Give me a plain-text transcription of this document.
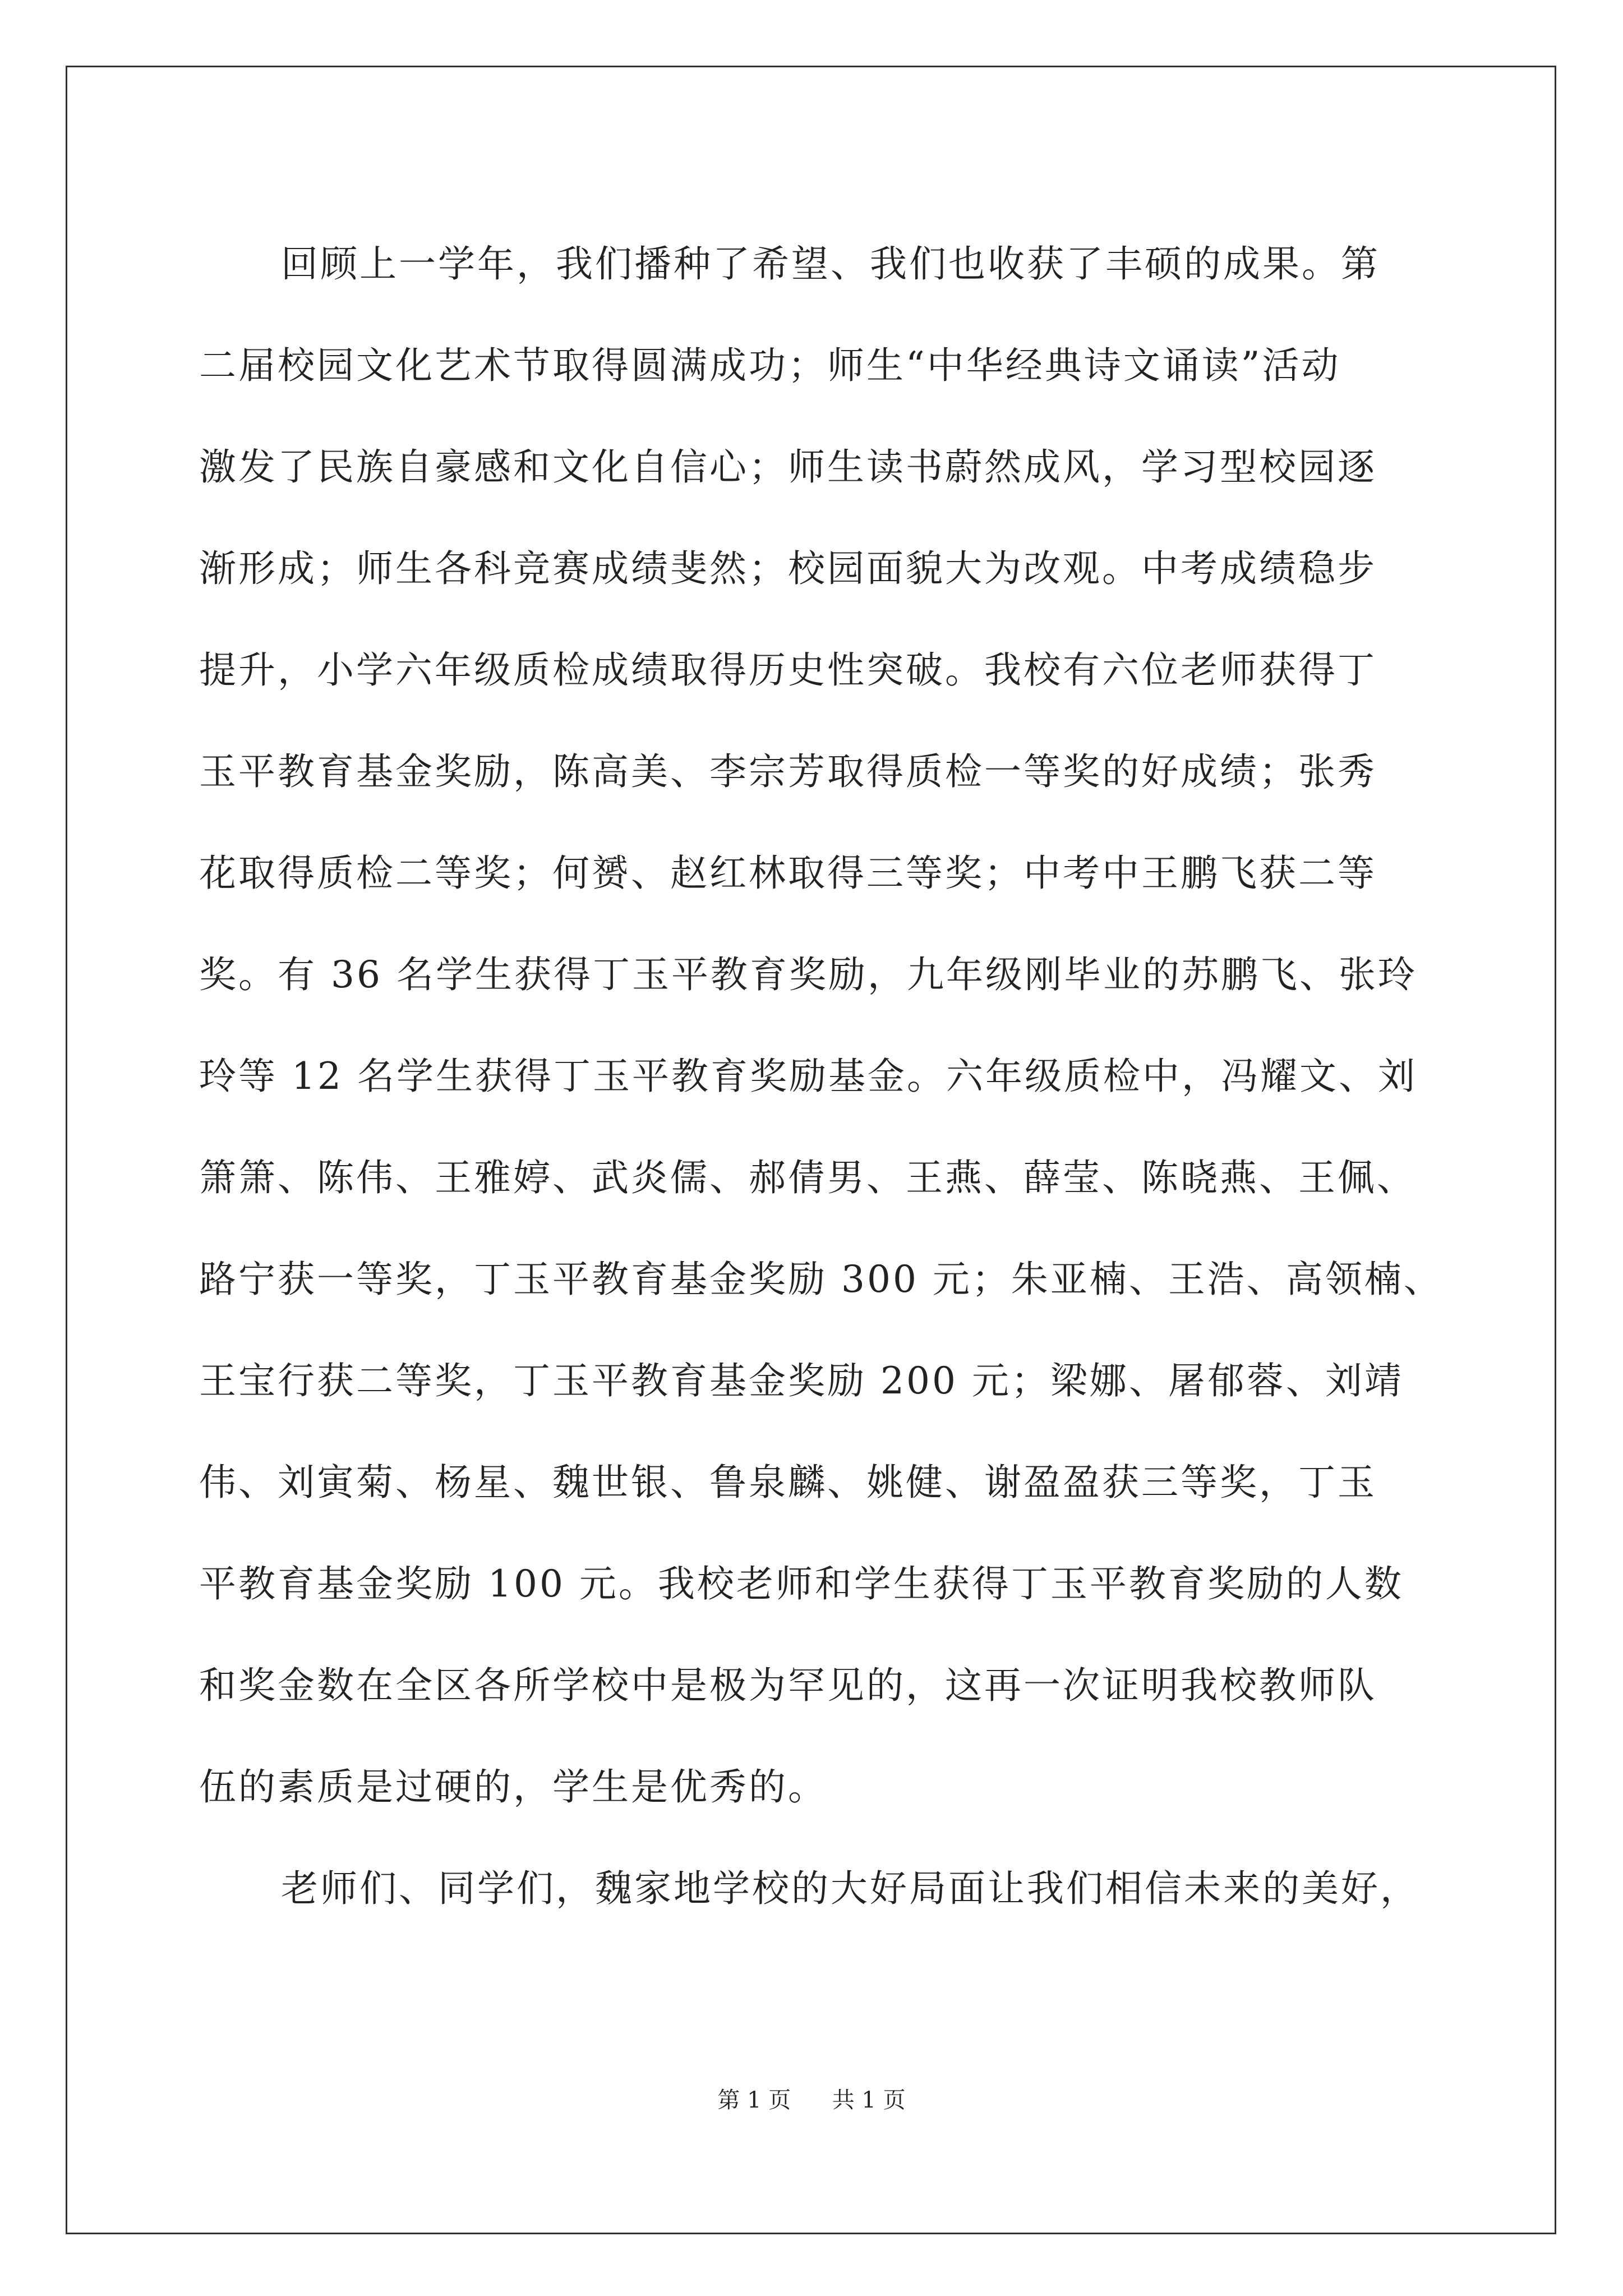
回顾上一学年，我们播种了希望、我们也收获了丰硕的成果。第
二届校园文化艺术节取得圆满成功；师生“中华经典诗文诵读”活动
激发了民族自豪感和文化自信心；师生读书蔚然成风，学习型校园逐
渐形成；师生各科竞赛成绩斐然；校园面貌大为改观。中考成绩稳步
提升，小学六年级质检成绩取得历史性突破。我校有六位老师获得丁
玉平教育基金奖励，陈高美、李宗芳取得质检一等奖的好成绩；张秀
花取得质检二等奖；何赟、赵红林取得三等奖；中考中王鹏飞获二等
奖。有 36 名学生获得丁玉平教育奖励，九年级刚毕业的苏鹏飞、张玲
玲等 12 名学生获得丁玉平教育奖励基金。六年级质检中，冯耀文、刘
箫箫、陈伟、王雅婷、武炎儒、郝倩男、王燕、薛莹、陈晓燕、王佩、
路宁获一等奖，丁玉平教育基金奖励 300 元；朱亚楠、王浩、高领楠、
王宝行获二等奖，丁玉平教育基金奖励 200 元；梁娜、屠郁蓉、刘靖
伟、刘寅菊、杨星、魏世银、鲁泉麟、姚健、谢盈盈获三等奖，丁玉
平教育基金奖励 100 元。我校老师和学生获得丁玉平教育奖励的人数
和奖金数在全区各所学校中是极为罕见的，这再一次证明我校教师队
伍的素质是过硬的，学生是优秀的。
老师们、同学们，魏家地学校的大好局面让我们相信未来的美好，
第 1 页 共 1 页
